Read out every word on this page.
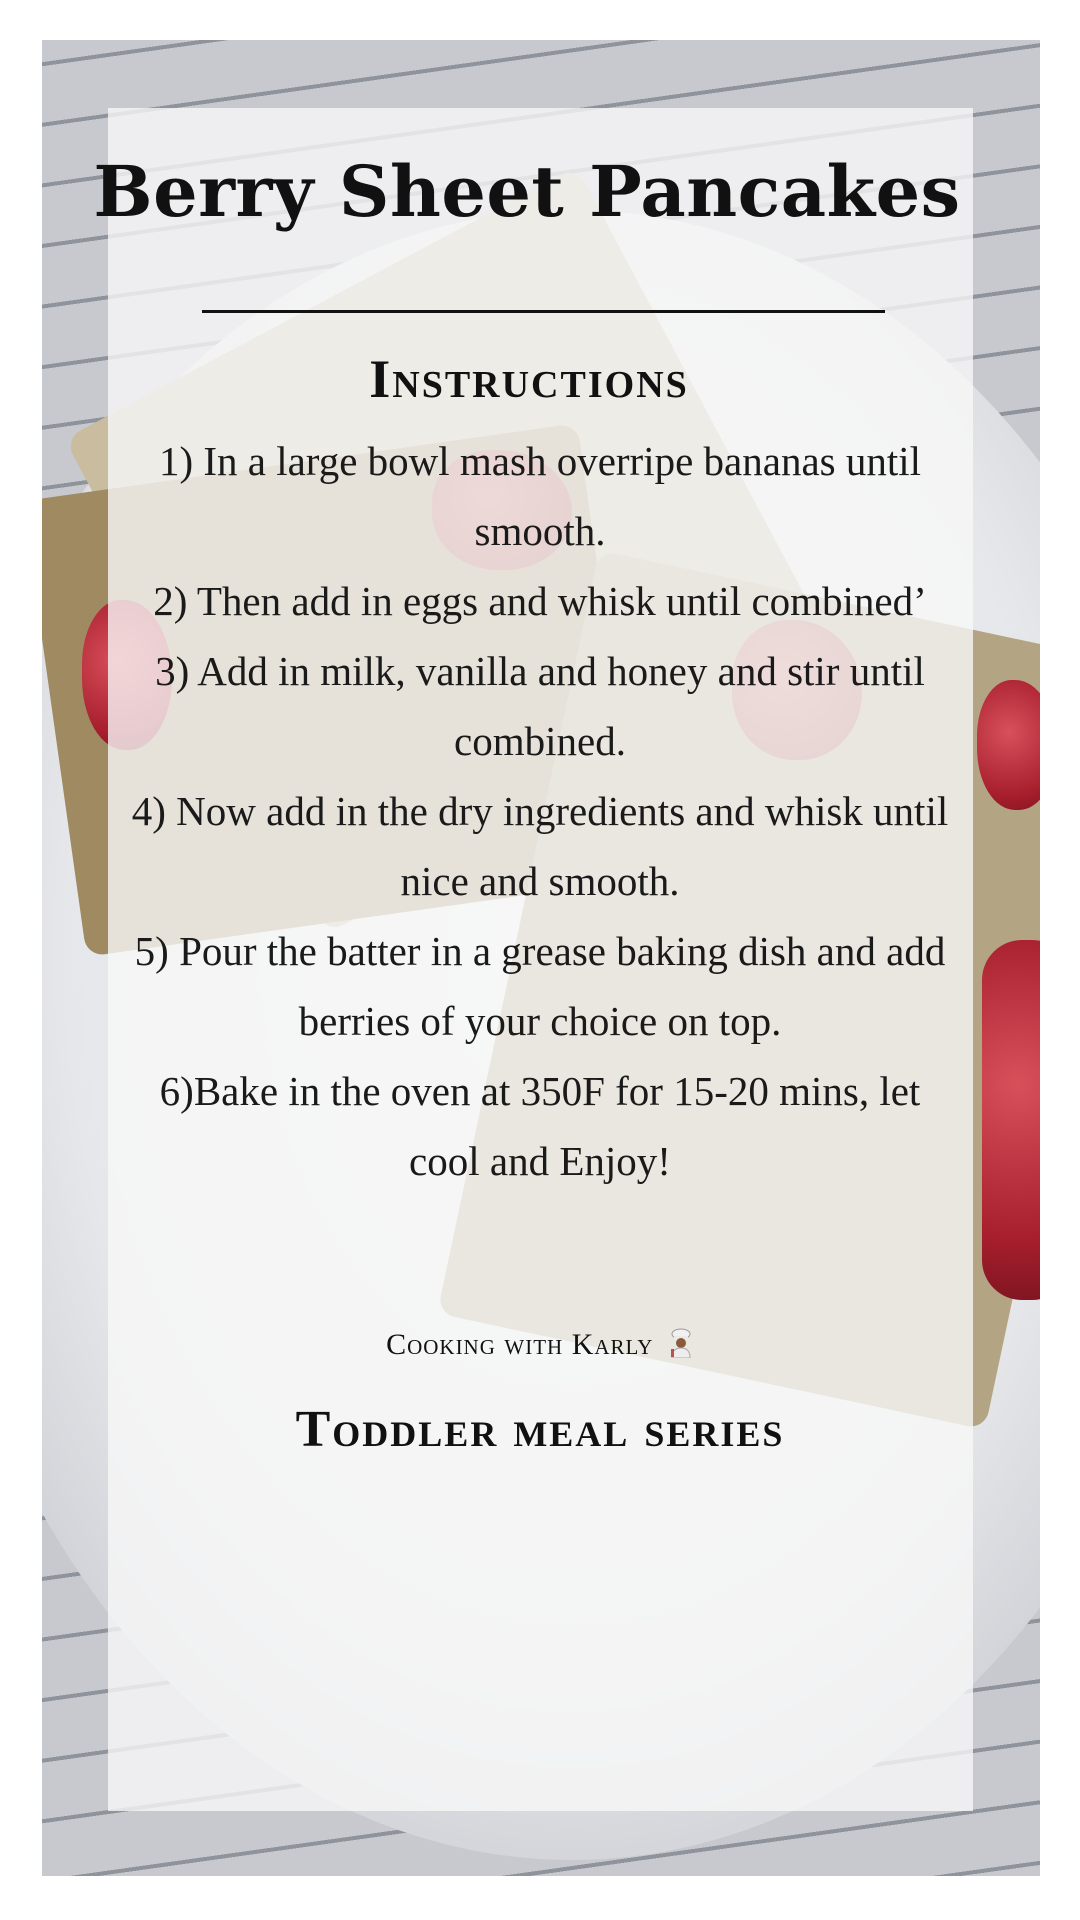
Berry Sheet Pancakes
Instructions
1) In a large bowl mash overripe bananas until smooth.
2) Then add in eggs and whisk until combined’
3) Add in milk, vanilla and honey and stir until combined.
4) Now add in the dry ingredients and whisk until nice and smooth.
5) Pour the batter in a grease baking dish and add berries of your choice on top.
6)Bake in the oven at 350F for 15-20 mins, let cool and Enjoy!
Cooking with Karly
Toddler meal series
